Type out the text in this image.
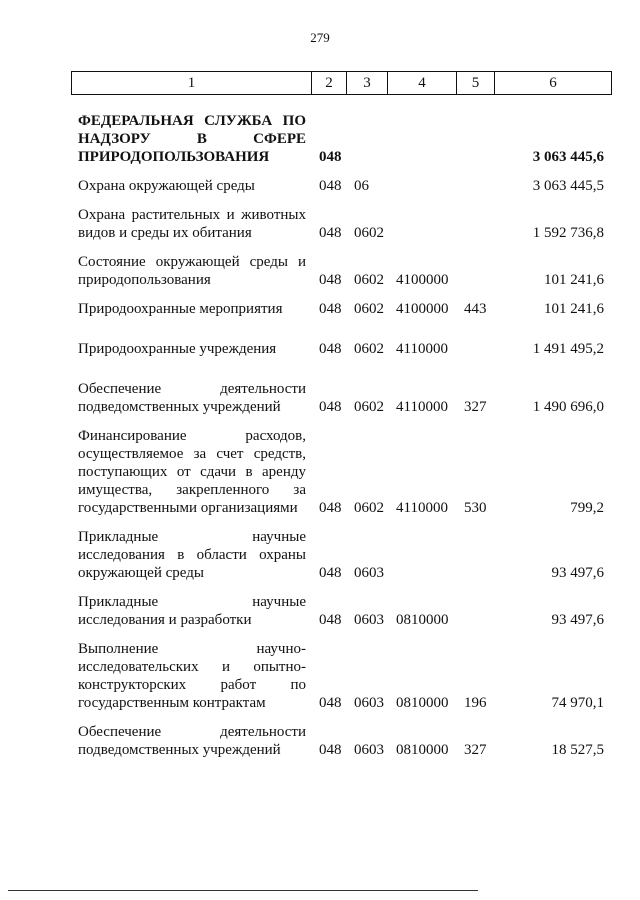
279
1	2	3	4	5	6
ФЕДЕРАЛЬНАЯ СЛУЖБА ПО НАДЗОРУ В СФЕРЕ ПРИРОДОПОЛЬЗОВАНИЯ	048	3 063 445,6
Охрана окружающей среды	048 06	3 063 445,5
Охрана растительных и животных видов и среды их обитания	048 0602	1 592 736,8
Состояние окружающей среды и природопользования	048 0602 4100000	101 241,6
Природоохранные мероприятия	048 0602 4100000 443	101 241,6
Природоохранные учреждения	048 0602 4110000	1 491 495,2
Обеспечение деятельности подведомственных учреждений	048 0602 4110000 327	1 490 696,0
Финансирование расходов, осуществляемое за счет средств, поступающих от сдачи в аренду имущества, закрепленного за государственными организациями	048 0602 4110000 530	799,2
Прикладные научные исследования в области охраны окружающей среды	048 0603	93 497,6
Прикладные научные исследования и разработки	048 0603 0810000	93 497,6
Выполнение научно-исследовательских и опытно-конструкторских работ по государственным контрактам	048 0603 0810000 196	74 970,1
Обеспечение деятельности подведомственных учреждений	048 0603 0810000 327	18 527,5
